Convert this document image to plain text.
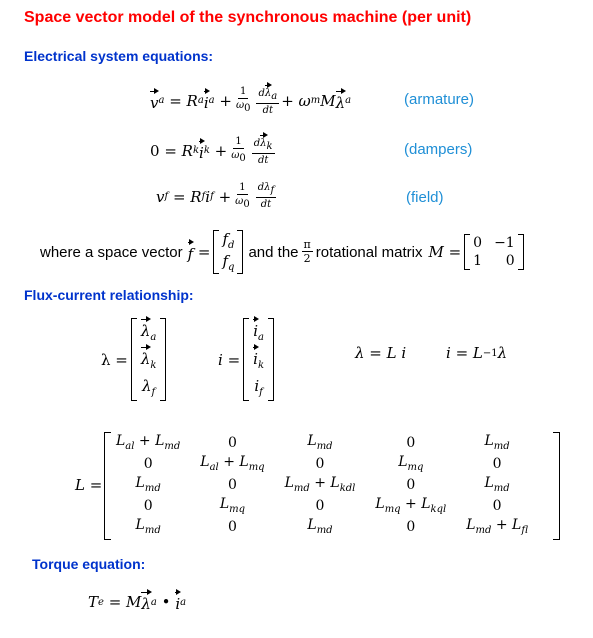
Space vector model of the synchronous machine (per unit)
Electrical system equations:
v a = R a i $a + \frac{1}{\omega_0} \frac{d\lambda_a}{dt} + \omega$ m M λ a	(armature)
0 = R k i $k + \frac{1}{\omega_0} \frac{d\lambda_k}{dt}$	(dampers)
v f = R f i $f + \frac{1}{\omega_0} \frac{d\lambda_f}{dt}$	(field)
where a space vector f =
$f_d$
$f_q$
and the $\frac{\pi}{2}$ rotational matrix M =
0 −1
1	0
Flux-current relationship:
λ =
$\lambda_a$
$\lambda_k$
$\lambda_f$
i =
$i_a$
$i_k$
$i_f$
λ = L i	i = L −1 λ
L =
$L_{al} + L_{md}$	0	$L_{md}$	0	$L_{md}$
0	$L_{al} + L_{mq}$	0	$L_{mq}$	0
$L_{md}$	0	$L_{md} + L_{kdl}$	0	$L_{md}$
0	$L_{mq}$	0	$L_{mq} + L_{kql}$	0
$L_{md}$	0	$L_{md}$	0	$L_{md} + L_{fl}$
Torque equation:
T e = M λ a
•
i a
